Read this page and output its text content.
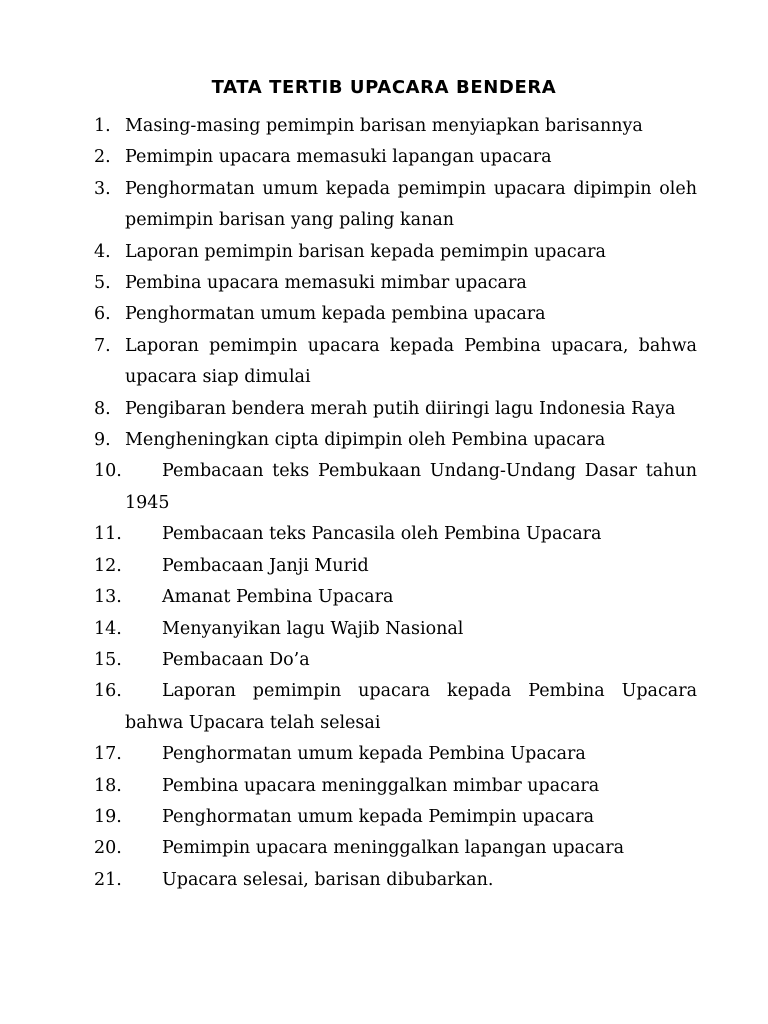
TATA TERTIB UPACARA BENDERA
1. Masing-masing pemimpin barisan menyiapkan barisannya
2. Pemimpin upacara memasuki lapangan upacara
3. Penghormatan umum kepada pemimpin upacara dipimpin oleh pemimpin barisan yang paling kanan
4. Laporan pemimpin barisan kepada pemimpin upacara
5. Pembina upacara memasuki mimbar upacara
6. Penghormatan umum kepada pembina upacara
7. Laporan pemimpin upacara kepada Pembina upacara, bahwa upacara siap dimulai
8. Pengibaran bendera merah putih diiringi lagu Indonesia Raya
9. Mengheningkan cipta dipimpin oleh Pembina upacara
10. Pembacaan teks Pembukaan Undang-Undang Dasar tahun 1945
11. Pembacaan teks Pancasila oleh Pembina Upacara
12. Pembacaan Janji Murid
13. Amanat Pembina Upacara
14. Menyanyikan lagu Wajib Nasional
15. Pembacaan Do’a
16. Laporan pemimpin upacara kepada Pembina Upacara bahwa Upacara telah selesai
17. Penghormatan umum kepada Pembina Upacara
18. Pembina upacara meninggalkan mimbar upacara
19. Penghormatan umum kepada Pemimpin upacara
20. Pemimpin upacara meninggalkan lapangan upacara
21. Upacara selesai, barisan dibubarkan.
